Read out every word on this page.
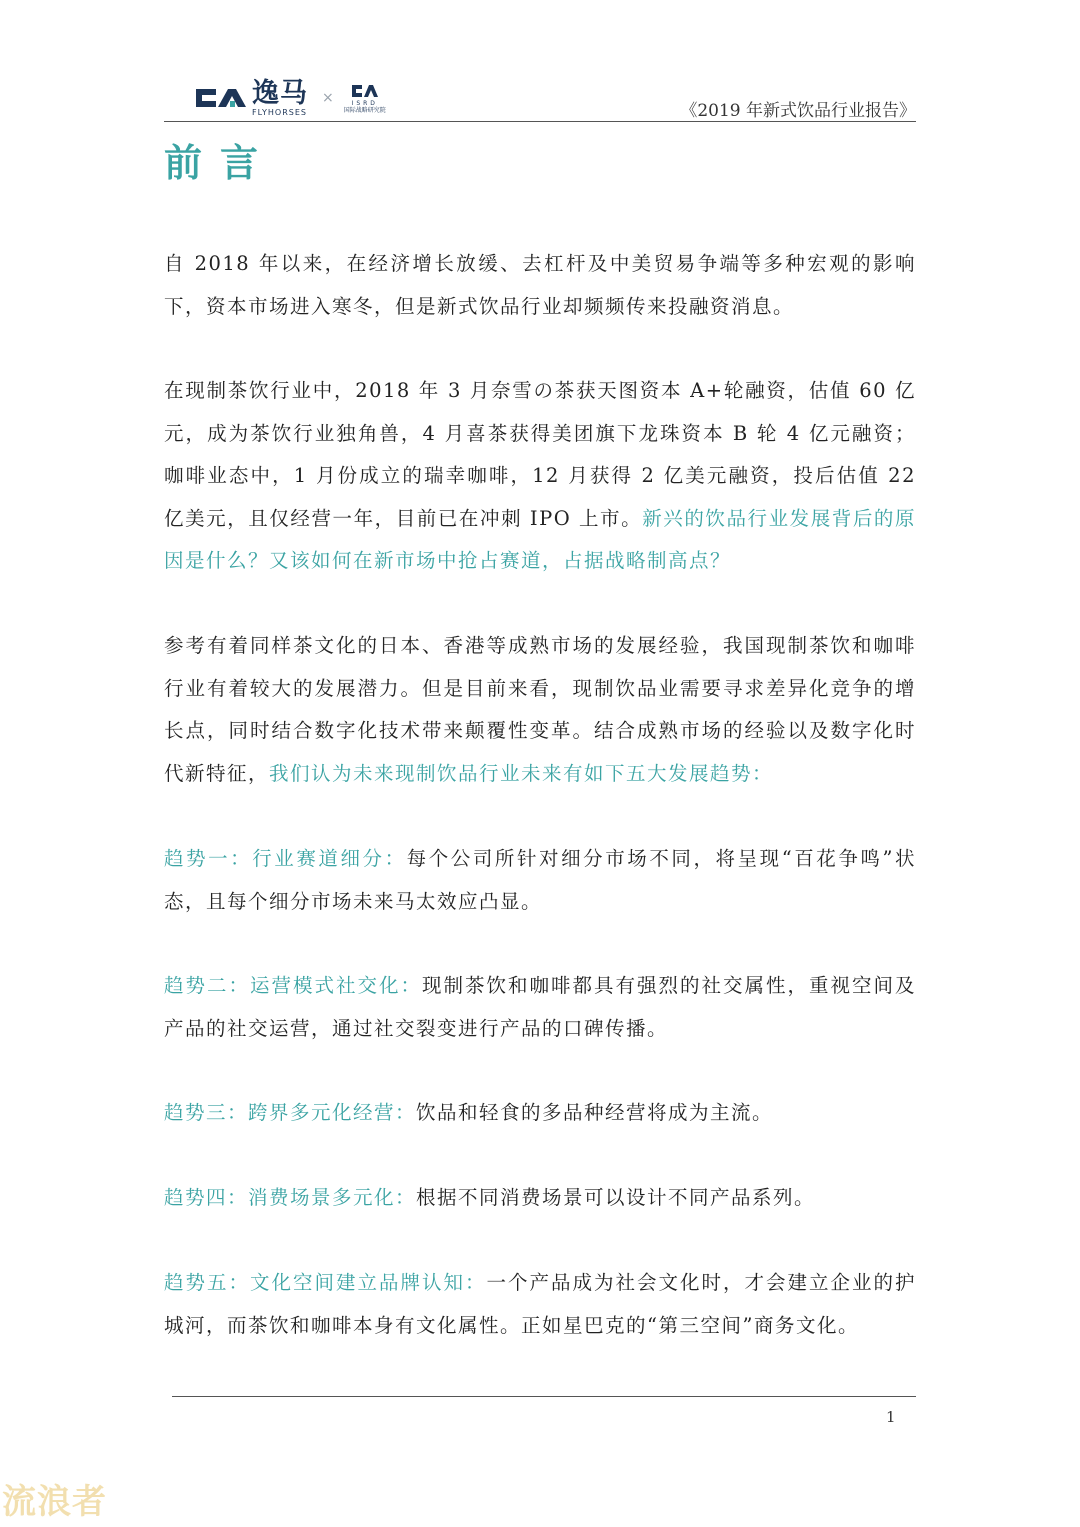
逸马
FLYHORSES
×	ISRD
国际战略研究院	《2019 年新式饮品行业报告》
前言

自 2018 年以来，在经济增长放缓、去杠杆及中美贸易争端等多种宏观的影响下，资本市场进入寒冬，但是新式饮品行业却频频传来投融资消息。

在现制茶饮行业中，2018 年 3 月奈雪の茶获天图资本 A+轮融资，估值 60 亿元，成为茶饮行业独角兽，4 月喜茶获得美团旗下龙珠资本 B 轮 4 亿元融资；咖啡业态中，1 月份成立的瑞幸咖啡，12 月获得 2 亿美元融资，投后估值 22 亿美元，且仅经营一年，目前已在冲刺 IPO 上市。新兴的饮品行业发展背后的原因是什么？又该如何在新市场中抢占赛道，占据战略制高点？

参考有着同样茶文化的日本、香港等成熟市场的发展经验，我国现制茶饮和咖啡行业有着较大的发展潜力。但是目前来看，现制饮品业需要寻求差异化竞争的增长点，同时结合数字化技术带来颠覆性变革。结合成熟市场的经验以及数字化时代新特征，我们认为未来现制饮品行业未来有如下五大发展趋势：

趋势一：行业赛道细分：每个公司所针对细分市场不同，将呈现“百花争鸣”状态，且每个细分市场未来马太效应凸显。

趋势二：运营模式社交化：现制茶饮和咖啡都具有强烈的社交属性，重视空间及产品的社交运营，通过社交裂变进行产品的口碑传播。

趋势三：跨界多元化经营：饮品和轻食的多品种经营将成为主流。

趋势四：消费场景多元化：根据不同消费场景可以设计不同产品系列。

趋势五：文化空间建立品牌认知：一个产品成为社会文化时，才会建立企业的护城河，而茶饮和咖啡本身有文化属性。正如星巴克的“第三空间”商务文化。

1
流浪者
